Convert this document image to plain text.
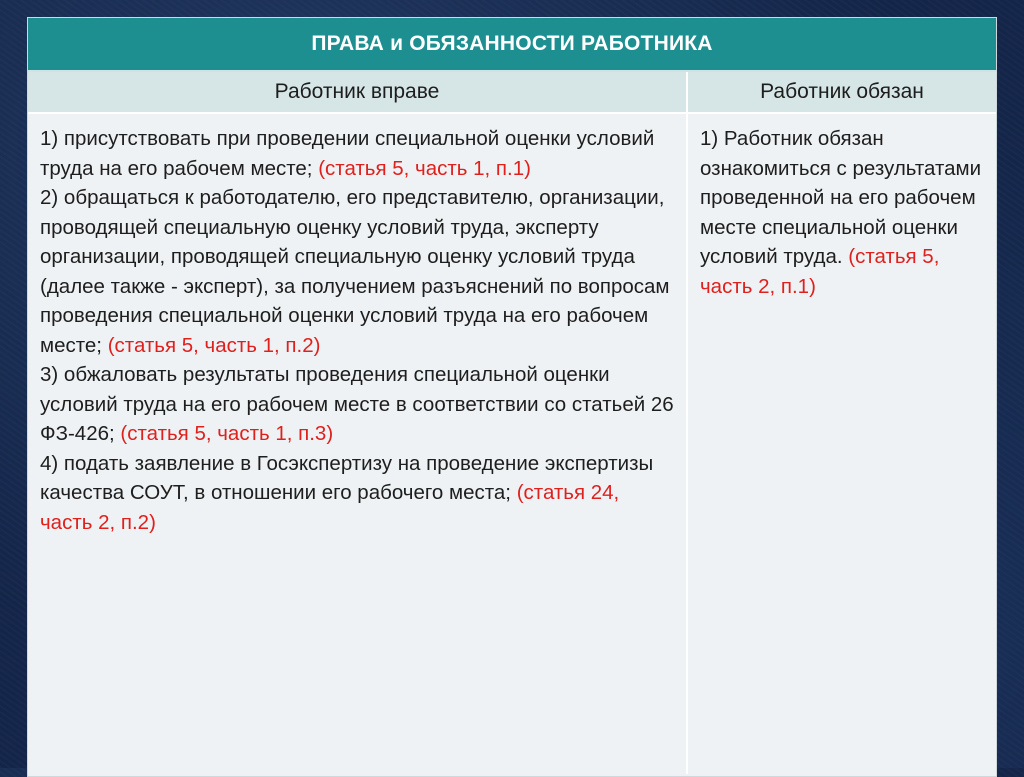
ПРАВА и ОБЯЗАННОСТИ РАБОТНИКА
Работник вправе	Работник обязан
1) присутствовать при проведении специальной оценки условий труда на его рабочем месте; (статья 5, часть 1, п.1)
2) обращаться к работодателю, его представителю, организации, проводящей специальную оценку условий труда, эксперту организации, проводящей специальную оценку условий труда (далее также - эксперт), за получением разъяснений по вопросам проведения специальной оценки условий труда на его рабочем месте; (статья 5, часть 1, п.2)
3) обжаловать результаты проведения специальной оценки условий труда на его рабочем месте в соответствии со статьей 26 ФЗ-426; (статья 5, часть 1, п.3)
4) подать заявление в Госэкспертизу на проведение экспертизы качества СОУТ, в отношении его рабочего места; (статья 24, часть 2, п.2)
1) Работник обязан ознакомиться с результатами проведенной на его рабочем месте специальной оценки условий труда. (статья 5, часть 2, п.1)
